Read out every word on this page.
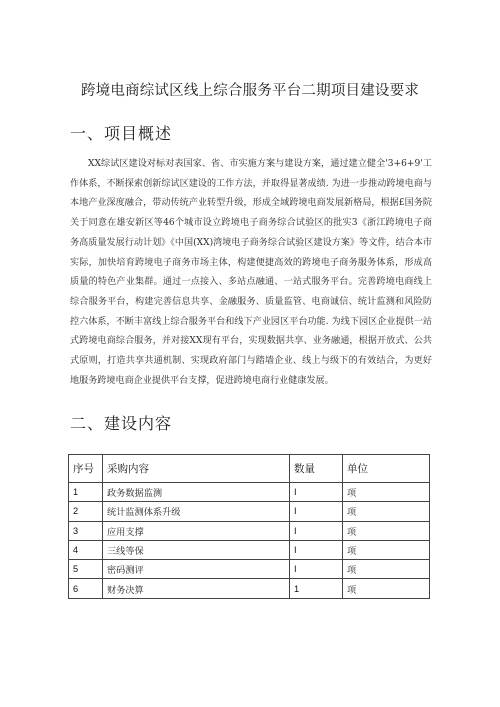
跨境电商综试区线上综合服务平台二期项目建设要求
一、项目概述

XX综试区建设对标对表国家、省、市实施方案与建设方案，通过建立健全'3+6+9'工作体系，不断探索创新综试区建设的工作方法，并取得显著成绩. 为进一步推动跨境电商与本地产业深度融合，带动传统产业转型升级，形成全域跨境电商发展新格局，根据£国务院关于同意在雄安新区等46个城市设立跨境电子商务综合试验区的批实3《浙江跨境电子商务高质量发展行动计划》《中国(XX)湾境电子商务综合试验区建设方案》等文件，结合本市实际，加快培育跨境电子商务市场主体，构建便捷高效的跨境电子商务服务体系，形成高质量的特色产业集群。通过一点接入、多站点融通、一站式服务平台。完善跨境电商线上综合服务平台，构建完善信息共享、金融服务、质量监管、电商诚信、统计监测和风险防控六体系，不断丰富线上综合服务平台和线下产业园区平台功能. 为线下园区企业提供一站式跨境电商综合服务，并对接XX现有平台，实现数据共享、业务融通，根据开放式、公共式原则，打造共享共通机制、实现政府部门与踏墙企业、线上与级下的有效结合，为更好地服务跨境电商企业提供平台支撑，促进跨境电商行业健康发展。

二、建设内容
序号	采购内容	数量	单位
1	政务数据监测	I	项
2	统计监测体系升级	I	项
3	应用支撑	I	项
4	三线等保	I	项
5	密码测评	I	项
6	财务决算	1	项
